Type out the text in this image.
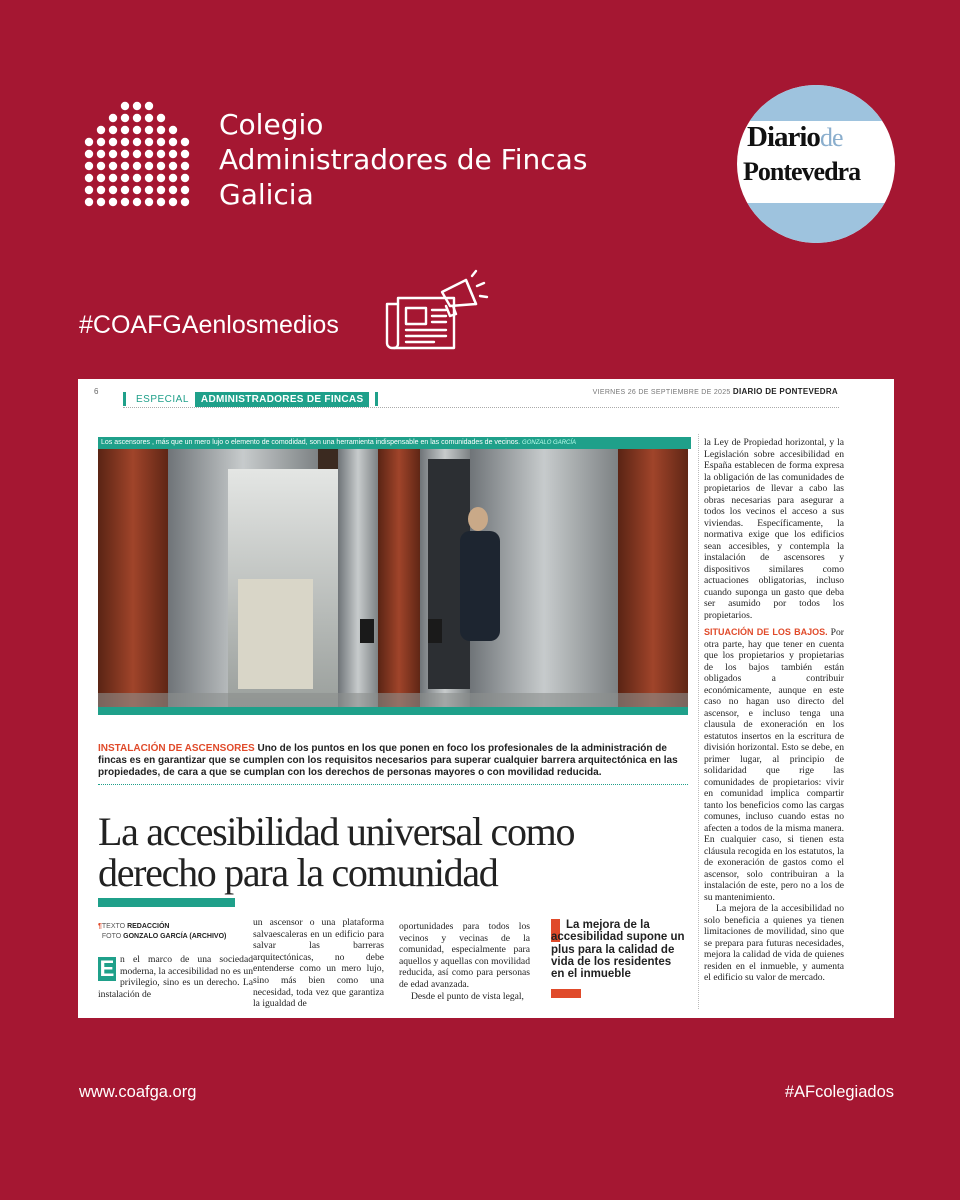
Colegio
Administradores de Fincas
Galicia
Diariode
Pontevedra
#COAFGAenlosmedios
6
ESPECIAL	ADMINISTRADORES DE FINCAS
VIERNES 26 DE SEPTIEMBRE DE 2025 DIARIO DE PONTEVEDRA
Los ascensores , más que un mero lujo o elemento de comodidad, son una herramienta indispensable en las comunidades de vecinos. GONZALO GARCÍA
INSTALACIÓN DE ASCENSORES Uno de los puntos en los que ponen en foco los profesionales de la administración de fincas es en garantizar que se cumplen con los requisitos necesarios para superar cualquier barrera arquitectónica en las propiedades, de cara a que se cumplan con los derechos de personas mayores o con movilidad reducida.
La accesibilidad universal como derecho para la comunidad
¶TEXTO REDACCIÓN
FOTO GONZALO GARCÍA (ARCHIVO)
E n el marco de una sociedad moderna, la accesibilidad no es un privilegio, sino es un derecho. La instalación de
un ascensor o una plataforma salvaescaleras en un edificio para salvar las barreras arquitectónicas, no debe entenderse como un mero lujo, sino más bien como una necesidad, toda vez que garantiza la igualdad de
oportunidades para todos los vecinos y vecinas de la comunidad, especialmente para aquellos y aquellas con movilidad reducida, así como para personas de edad avanzada.
Desde el punto de vista legal,
La mejora de la accesibilidad supone un plus para la calidad de vida de los residentes en el inmueble

la Ley de Propiedad horizontal, y la Legislación sobre accesibilidad en España establecen de forma expresa la obligación de las comunidades de propietarios de llevar a cabo las obras necesarias para asegurar a todos los vecinos el acceso a sus viviendas. Específicamente, la normativa exige que los edificios sean accesibles, y contempla la instalación de ascensores y dispositivos similares como actuaciones obligatorias, incluso cuando suponga un gasto que deba ser asumido por todos los propietarios.

SITUACIÓN DE LOS BAJOS. Por otra parte, hay que tener en cuenta que los propietarios y propietarias de los bajos también están obligados a contribuir económicamente, aunque en este caso no hagan uso directo del ascensor, e incluso tenga una clausula de exoneración en los estatutos insertos en la escritura de división horizontal. Esto se debe, en primer lugar, al principio de solidaridad que rige las comunidades de propietarios: vivir en comunidad implica compartir tanto los beneficios como las cargas comunes, incluso cuando estas no afecten a todos de la misma manera. En cualquier caso, si tienen esta cláusula recogida en los estatutos, la de exoneración de gastos como el ascensor, solo contribuiran a la instalación de este, pero no a los de su mantenimiento.

La mejora de la accesibilidad no solo beneficia a quienes ya tienen limitaciones de movilidad, sino que se prepara para futuras necesidades, mejora la calidad de vida de quienes residen en el inmueble, y aumenta el edificio su valor de mercado.

www.coafga.org	#AFcolegiados
